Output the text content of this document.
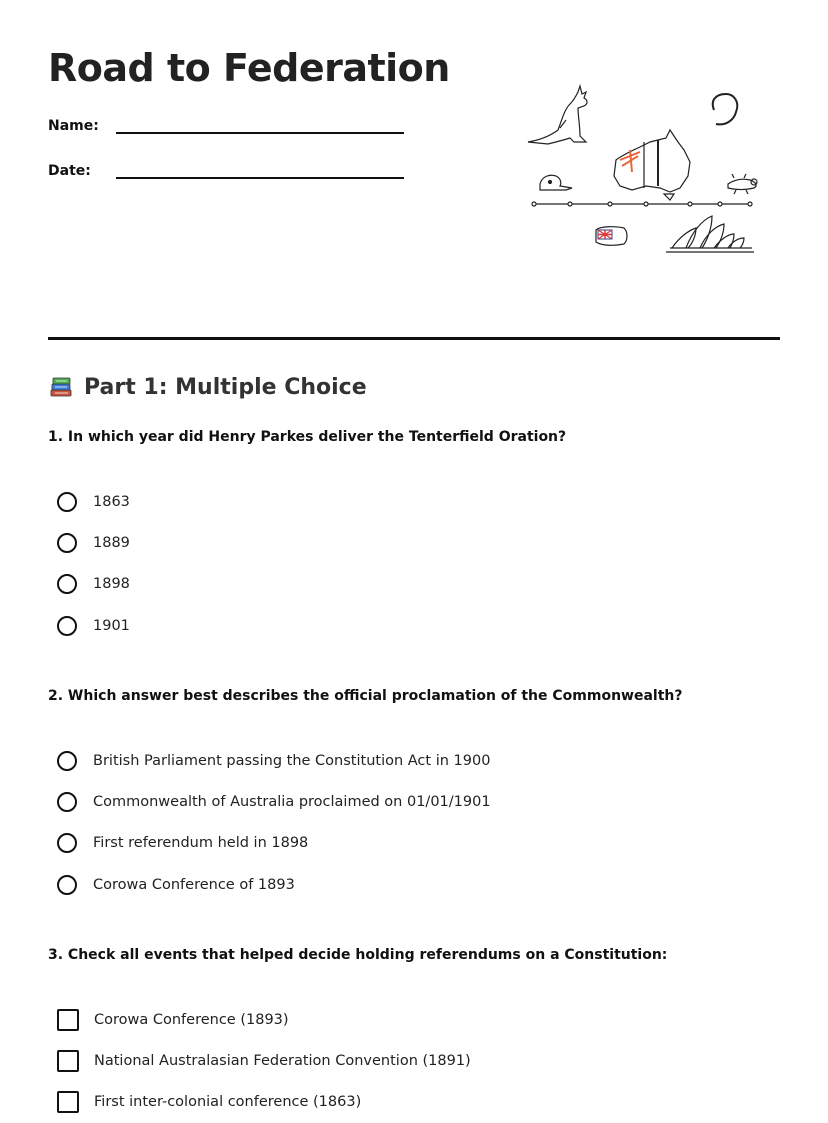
Road to Federation
Name:
Date:
Part 1: Multiple Choice

1. In which year did Henry Parkes deliver the Tenterfield Oration?

1863
1889
1898
1901

2. Which answer best describes the official proclamation of the Commonwealth?

British Parliament passing the Constitution Act in 1900
Commonwealth of Australia proclaimed on 01/01/1901
First referendum held in 1898
Corowa Conference of 1893

3. Check all events that helped decide holding referendums on a Constitution:

Corowa Conference (1893)
National Australasian Federation Convention (1891)
First inter-colonial conference (1863)
